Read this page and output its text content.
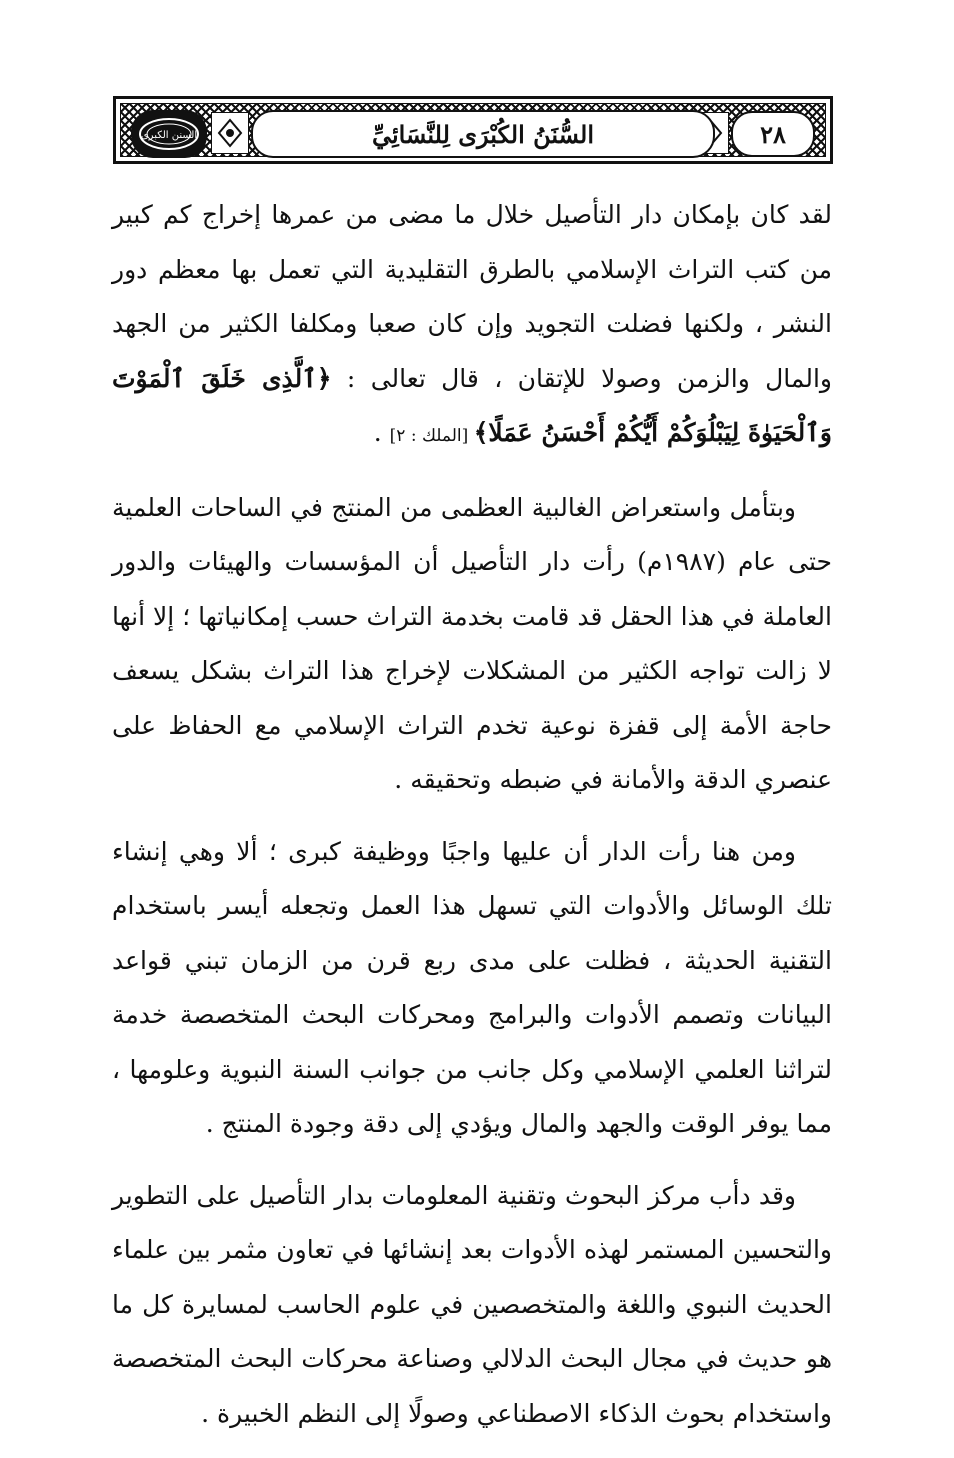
٢٨
السُّنَنُ الكُبْرَى لِلنَّسَائِيِّ
السنن الكبرى

لقد كان بإمكان دار التأصيل خلال ما مضى من عمرها إخراج كم كبير من كتب التراث الإسلامي بالطرق التقليدية التي تعمل بها معظم دور النشر ، ولكنها فضلت التجويد وإن كان صعبا ومكلفا الكثير من الجهد والمال والزمن وصولا للإتقان ، قال تعالى : ﴿ٱلَّذِى خَلَقَ ٱلْمَوْتَ وَٱلْحَيَوٰةَ لِيَبْلُوَكُمْ أَيُّكُمْ أَحْسَنُ عَمَلًا﴾ [الملك : ٢] .

وبتأمل واستعراض الغالبية العظمى من المنتج في الساحات العلمية حتى عام (١٩٨٧م) رأت دار التأصيل أن المؤسسات والهيئات والدور العاملة في هذا الحقل قد قامت بخدمة التراث حسب إمكانياتها ؛ إلا أنها لا زالت تواجه الكثير من المشكلات لإخراج هذا التراث بشكل يسعف حاجة الأمة إلى قفزة نوعية تخدم التراث الإسلامي مع الحفاظ على عنصري الدقة والأمانة في ضبطه وتحقيقه .

ومن هنا رأت الدار أن عليها واجبًا ووظيفة كبرى ؛ ألا وهي إنشاء تلك الوسائل والأدوات التي تسهل هذا العمل وتجعله أيسر باستخدام التقنية الحديثة ، فظلت على مدى ربع قرن من الزمان تبني قواعد البيانات وتصمم الأدوات والبرامج ومحركات البحث المتخصصة خدمة لتراثنا العلمي الإسلامي وكل جانب من جوانب السنة النبوية وعلومها ، مما يوفر الوقت والجهد والمال ويؤدي إلى دقة وجودة المنتج .

وقد دأب مركز البحوث وتقنية المعلومات بدار التأصيل على التطوير والتحسين المستمر لهذه الأدوات بعد إنشائها في تعاون مثمر بين علماء الحديث النبوي واللغة والمتخصصين في علوم الحاسب لمسايرة كل ما هو حديث في مجال البحث الدلالي وصناعة محركات البحث المتخصصة واستخدام بحوث الذكاء الاصطناعي وصولًا إلى النظم الخبيرة .
